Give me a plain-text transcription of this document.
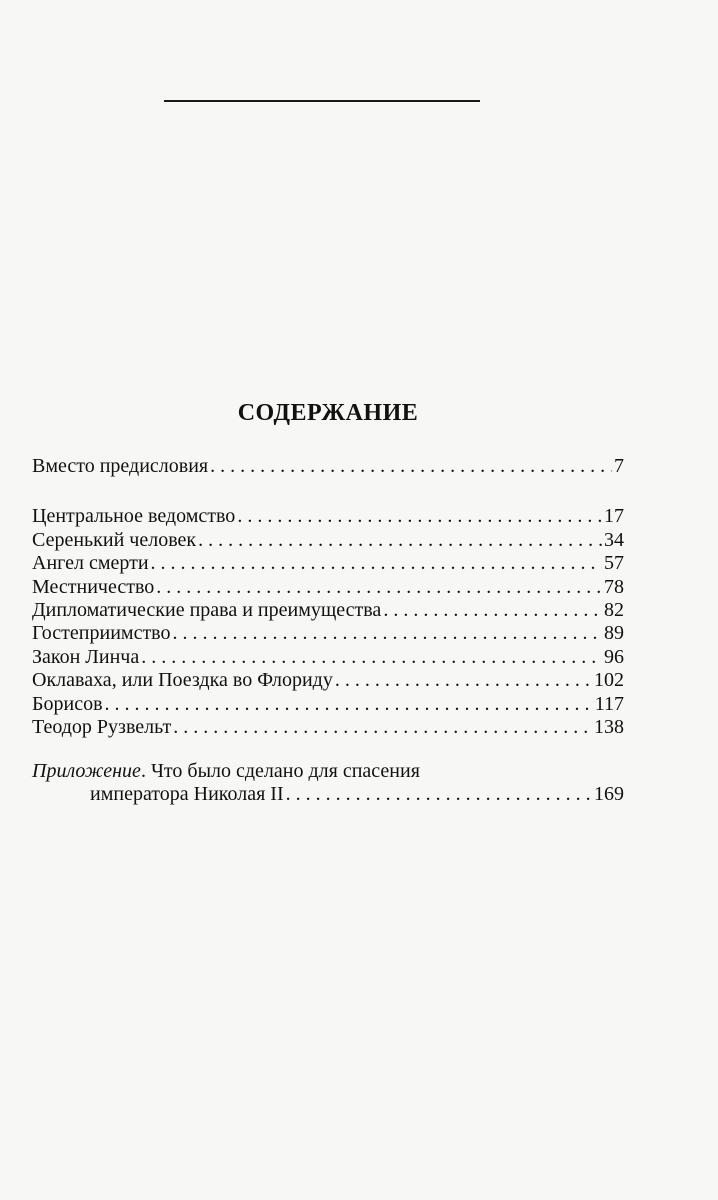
СОДЕРЖАНИЕ
Вместо предисловия . . .	7
Центральное ведомство . . .	17
Серенький человек . . .	34
Ангел смерти . . .	57
Местничество . . .	78
Дипломатические права и преимущества . . .	82
Гостеприимство . . .	89
Закон Линча . . .	96
Оклаваха, или Поездка во Флориду . . .	102
Борисов . . .	117
Теодор Рузвельт . . .	138
Приложение. Что было сделано для спасения
императора Николая II . . .	169
